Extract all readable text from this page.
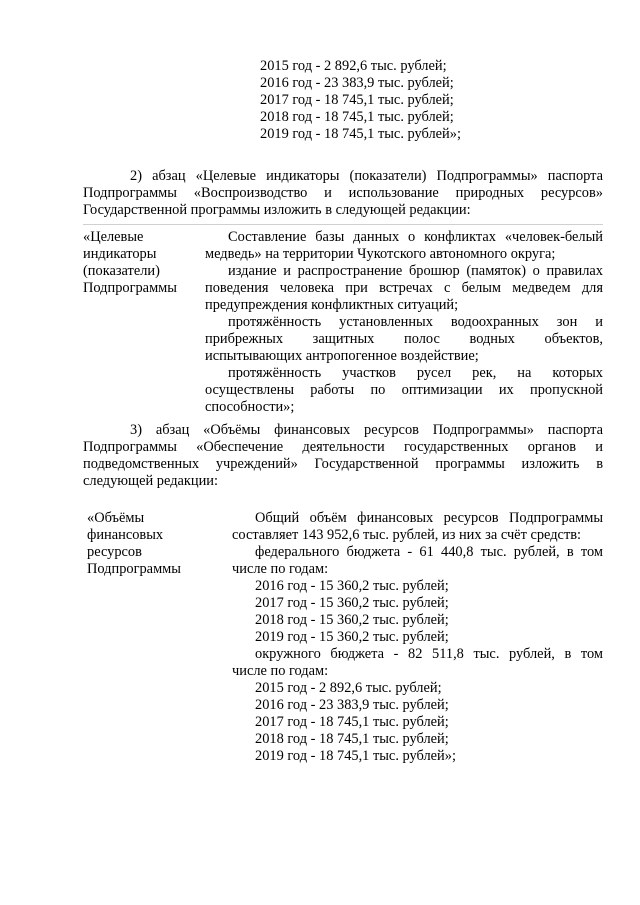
2015 год - 2 892,6 тыс. рублей;
2016 год - 23 383,9 тыс. рублей;
2017 год - 18 745,1 тыс. рублей;
2018 год - 18 745,1 тыс. рублей;
2019 год - 18 745,1 тыс. рублей»;
2) абзац «Целевые индикаторы (показатели) Подпрограммы» паспорта
Подпрограммы «Воспроизводство и использование природных ресурсов»
Государственной программы изложить в следующей редакции:
«Целевые
индикаторы
(показатели)
Подпрограммы
Составление базы данных о конфликтах «человек-белый
медведь» на территории Чукотского автономного округа;
издание и распространение брошюр (памяток) о правилах
поведения человека при встречах с белым медведем для
предупреждения конфликтных ситуаций;
протяжённость установленных водоохранных зон и
прибрежных защитных полос водных объектов,
испытывающих антропогенное воздействие;
протяжённость участков русел рек, на которых
осуществлены работы по оптимизации их пропускной
способности»;
3) абзац «Объёмы финансовых ресурсов Подпрограммы» паспорта
Подпрограммы «Обеспечение деятельности государственных органов и
подведомственных учреждений» Государственной программы изложить в
следующей редакции:
«Объёмы
финансовых
ресурсов
Подпрограммы
Общий объём финансовых ресурсов Подпрограммы
составляет 143 952,6 тыс. рублей, из них за счёт средств:
федерального бюджета - 61 440,8 тыс. рублей, в том
числе по годам:
2016 год - 15 360,2 тыс. рублей;
2017 год - 15 360,2 тыс. рублей;
2018 год - 15 360,2 тыс. рублей;
2019 год - 15 360,2 тыс. рублей;
окружного бюджета - 82 511,8 тыс. рублей, в том
числе по годам:
2015 год - 2 892,6 тыс. рублей;
2016 год - 23 383,9 тыс. рублей;
2017 год - 18 745,1 тыс. рублей;
2018 год - 18 745,1 тыс. рублей;
2019 год - 18 745,1 тыс. рублей»;
